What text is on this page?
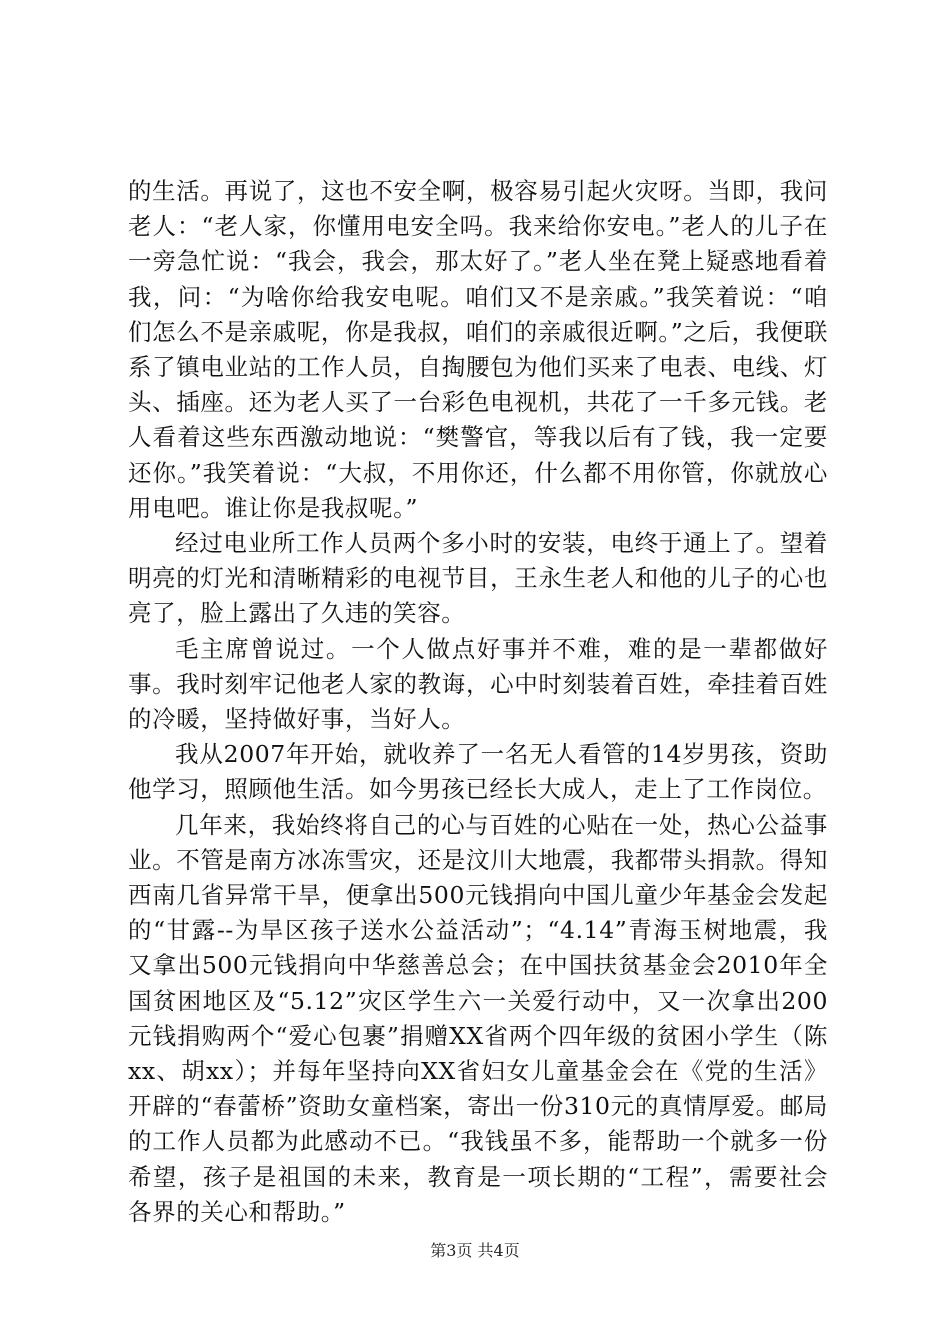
的生活。再说了，这也不安全啊，极容易引起火灾呀。当即，我问老人：“老人家，你懂用电安全吗。我来给你安电。”老人的儿子在一旁急忙说：“我会，我会，那太好了。”老人坐在凳上疑惑地看着我，问：“为啥你给我安电呢。咱们又不是亲戚。”我笑着说：“咱们怎么不是亲戚呢，你是我叔，咱们的亲戚很近啊。”之后，我便联系了镇电业站的工作人员，自掏腰包为他们买来了电表、电线、灯头、插座。还为老人买了一台彩色电视机，共花了一千多元钱。老人看着这些东西激动地说：“樊警官，等我以后有了钱，我一定要还你。”我笑着说：“大叔，不用你还，什么都不用你管，你就放心用电吧。谁让你是我叔呢。”

经过电业所工作人员两个多小时的安装，电终于通上了。望着明亮的灯光和清晰精彩的电视节目，王永生老人和他的儿子的心也亮了，脸上露出了久违的笑容。

毛主席曾说过。一个人做点好事并不难，难的是一辈都做好事。我时刻牢记他老人家的教诲，心中时刻装着百姓，牵挂着百姓的冷暖，坚持做好事，当好人。

我从2007年开始，就收养了一名无人看管的14岁男孩，资助他学习，照顾他生活。如今男孩已经长大成人，走上了工作岗位。

几年来，我始终将自己的心与百姓的心贴在一处，热心公益事业。不管是南方冰冻雪灾，还是汶川大地震，我都带头捐款。得知西南几省异常干旱，便拿出500元钱捐向中国儿童少年基金会发起的“甘露--为旱区孩子送水公益活动”；“4.14”青海玉树地震，我又拿出500元钱捐向中华慈善总会；在中国扶贫基金会2010年全国贫困地区及“5.12”灾区学生六一关爱行动中，又一次拿出200元钱捐购两个“爱心包裹”捐赠XX省两个四年级的贫困小学生（陈xx、胡xx）；并每年坚持向XX省妇女儿童基金会在《党的生活》开辟的“春蕾桥”资助女童档案，寄出一份310元的真情厚爱。邮局的工作人员都为此感动不已。“我钱虽不多，能帮助一个就多一份希望，孩子是祖国的未来，教育是一项长期的“工程”，需要社会各界的关心和帮助。”

第3页 共4页
